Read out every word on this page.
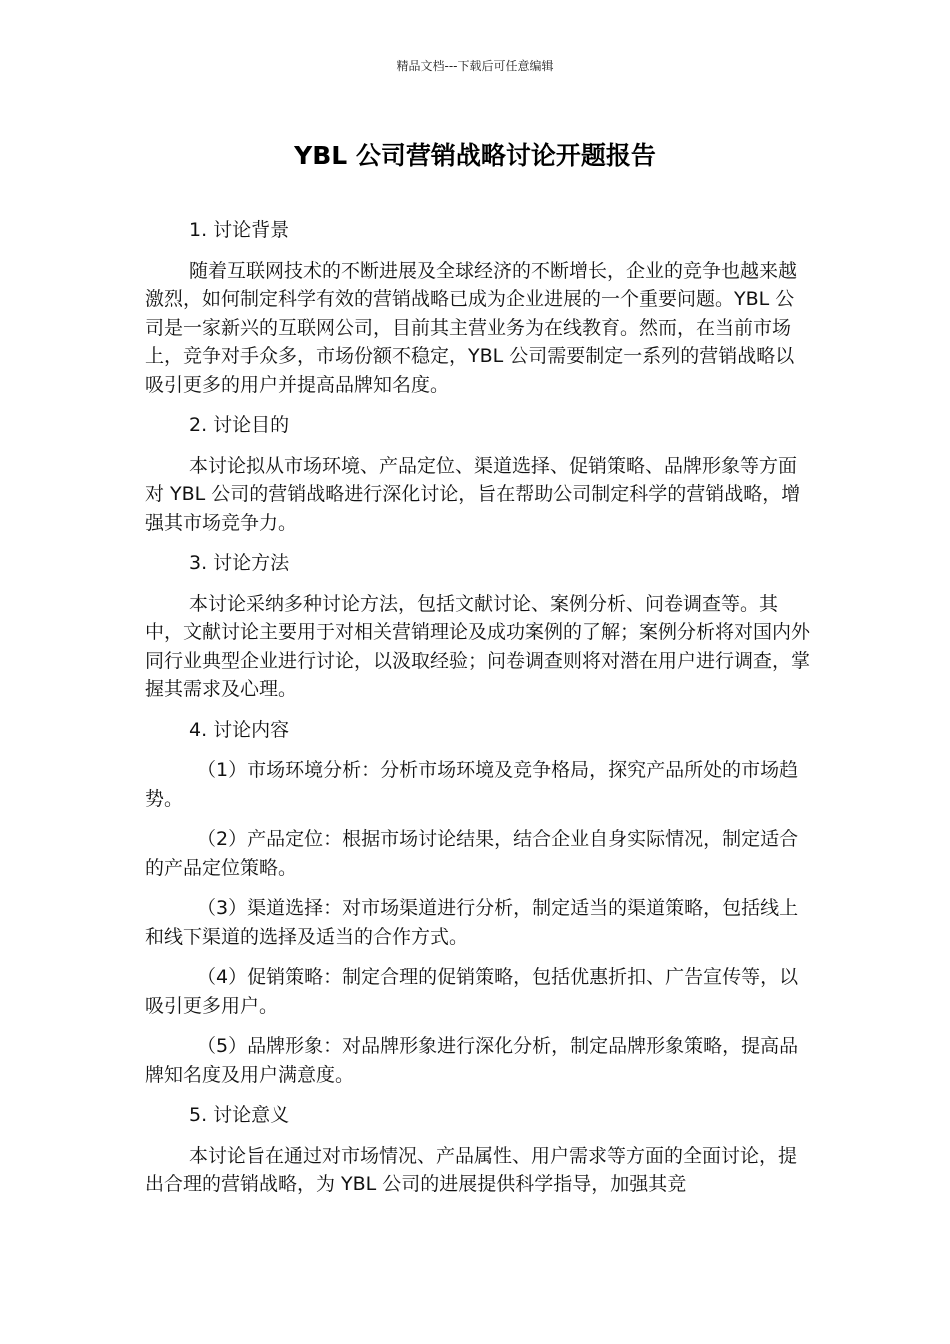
精品文档---下载后可任意编辑
YBL 公司营销战略讨论开题报告

1. 讨论背景

随着互联网技术的不断进展及全球经济的不断增长，企业的竞争也越来越激烈，如何制定科学有效的营销战略已成为企业进展的一个重要问题。YBL 公司是一家新兴的互联网公司，目前其主营业务为在线教育。然而，在当前市场上，竞争对手众多，市场份额不稳定，YBL 公司需要制定一系列的营销战略以吸引更多的用户并提高品牌知名度。

2. 讨论目的

本讨论拟从市场环境、产品定位、渠道选择、促销策略、品牌形象等方面对 YBL 公司的营销战略进行深化讨论，旨在帮助公司制定科学的营销战略，增强其市场竞争力。

3. 讨论方法

本讨论采纳多种讨论方法，包括文献讨论、案例分析、问卷调查等。其中，文献讨论主要用于对相关营销理论及成功案例的了解；案例分析将对国内外同行业典型企业进行讨论，以汲取经验；问卷调查则将对潜在用户进行调查，掌握其需求及心理。

4. 讨论内容

（1）市场环境分析：分析市场环境及竞争格局，探究产品所处的市场趋势。

（2）产品定位：根据市场讨论结果，结合企业自身实际情况，制定适合的产品定位策略。

（3）渠道选择：对市场渠道进行分析，制定适当的渠道策略，包括线上和线下渠道的选择及适当的合作方式。

（4）促销策略：制定合理的促销策略，包括优惠折扣、广告宣传等，以吸引更多用户。

（5）品牌形象：对品牌形象进行深化分析，制定品牌形象策略，提高品牌知名度及用户满意度。

5. 讨论意义

本讨论旨在通过对市场情况、产品属性、用户需求等方面的全面讨论，提出合理的营销战略，为 YBL 公司的进展提供科学指导，加强其竞
